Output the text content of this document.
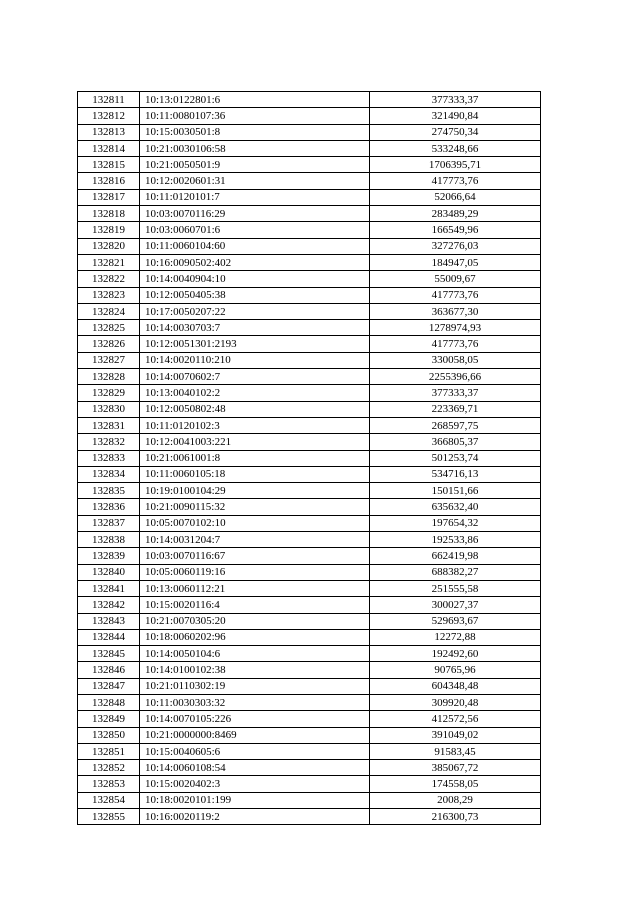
132811	10:13:0122801:6	377333,37
132812	10:11:0080107:36	321490,84
132813	10:15:0030501:8	274750,34
132814	10:21:0030106:58	533248,66
132815	10:21:0050501:9	1706395,71
132816	10:12:0020601:31	417773,76
132817	10:11:0120101:7	52066,64
132818	10:03:0070116:29	283489,29
132819	10:03:0060701:6	166549,96
132820	10:11:0060104:60	327276,03
132821	10:16:0090502:402	184947,05
132822	10:14:0040904:10	55009,67
132823	10:12:0050405:38	417773,76
132824	10:17:0050207:22	363677,30
132825	10:14:0030703:7	1278974,93
132826	10:12:0051301:2193	417773,76
132827	10:14:0020110:210	330058,05
132828	10:14:0070602:7	2255396,66
132829	10:13:0040102:2	377333,37
132830	10:12:0050802:48	223369,71
132831	10:11:0120102:3	268597,75
132832	10:12:0041003:221	366805,37
132833	10:21:0061001:8	501253,74
132834	10:11:0060105:18	534716,13
132835	10:19:0100104:29	150151,66
132836	10:21:0090115:32	635632,40
132837	10:05:0070102:10	197654,32
132838	10:14:0031204:7	192533,86
132839	10:03:0070116:67	662419,98
132840	10:05:0060119:16	688382,27
132841	10:13:0060112:21	251555,58
132842	10:15:0020116:4	300027,37
132843	10:21:0070305:20	529693,67
132844	10:18:0060202:96	12272,88
132845	10:14:0050104:6	192492,60
132846	10:14:0100102:38	90765,96
132847	10:21:0110302:19	604348,48
132848	10:11:0030303:32	309920,48
132849	10:14:0070105:226	412572,56
132850	10:21:0000000:8469	391049,02
132851	10:15:0040605:6	91583,45
132852	10:14:0060108:54	385067,72
132853	10:15:0020402:3	174558,05
132854	10:18:0020101:199	2008,29
132855	10:16:0020119:2	216300,73
